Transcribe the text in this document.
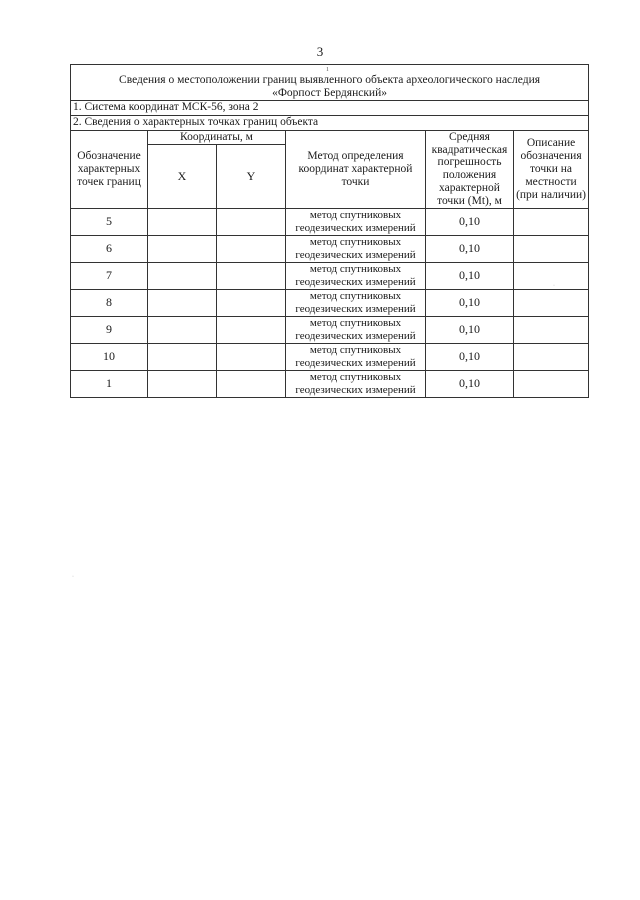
3
ı
Сведения о местоположении границ выявленного объекта археологического наследия
«Форпост Бердянский»					

1. Система координат МСК-56, зона 2					
2. Сведения о характерных точках границ объекта					
Обозначение характерных точек границ	Координаты, м		Метод определения координат характерной точки	Средняя квадратическая погрешность положения характерной точки (Mt), м	Описание обозначения точки на местности (при наличии)
	X	Y			
5			метод спутниковых геодезических измерений	0,10	
6			метод спутниковых геодезических измерений	0,10	
7			метод спутниковых геодезических измерений	0,10	
8			метод спутниковых геодезических измерений	0,10	
9			метод спутниковых геодезических измерений	0,10	
10			метод спутниковых геодезических измерений	0,10	
1			метод спутниковых геодезических измерений	0,10	
·
·
